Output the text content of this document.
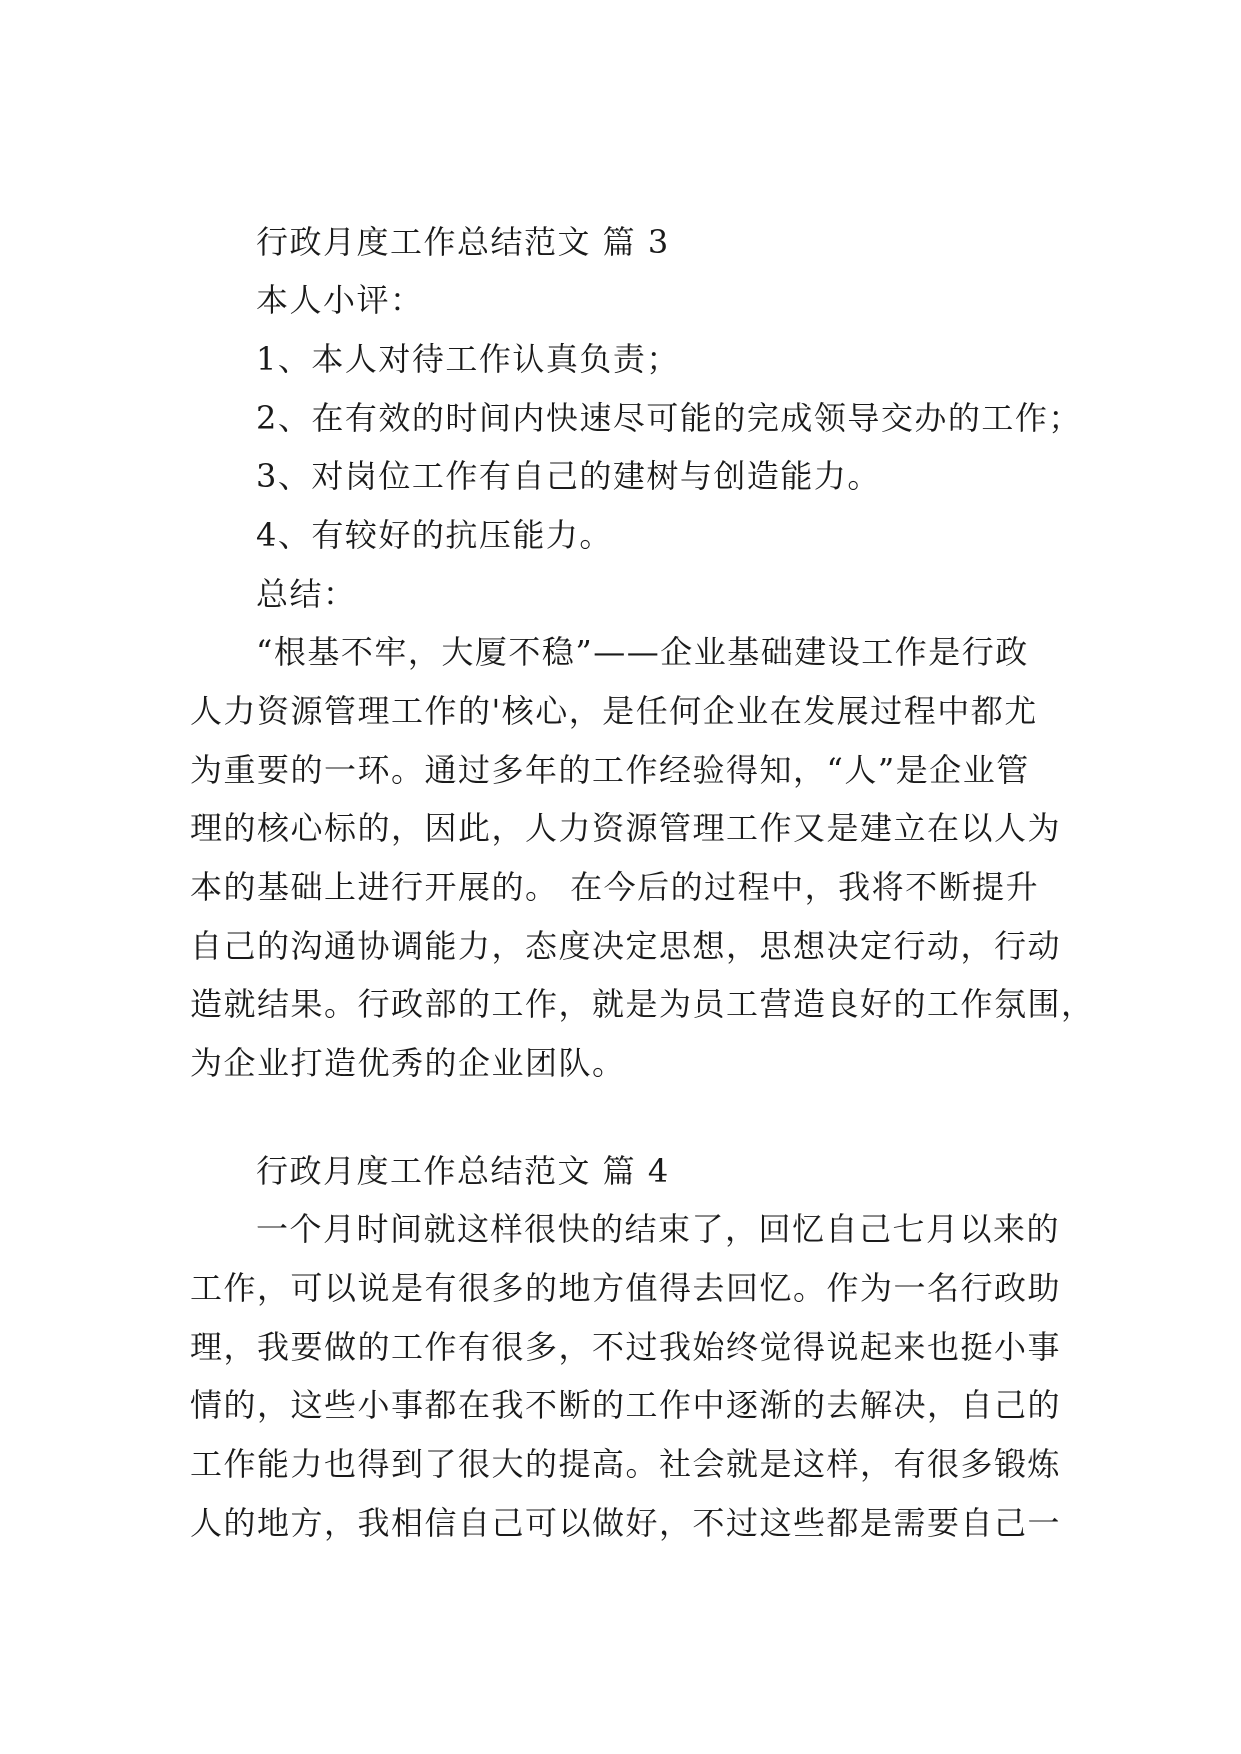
行政月度工作总结范文 篇 3
本人小评：
1、本人对待工作认真负责；
2、在有效的时间内快速尽可能的完成领导交办的工作；
3、对岗位工作有自己的建树与创造能力。
4、有较好的抗压能力。
总结：
“根基不牢，大厦不稳”——企业基础建设工作是行政
人力资源管理工作的'核心，是任何企业在发展过程中都尤
为重要的一环。通过多年的工作经验得知，“人”是企业管
理的核心标的，因此，人力资源管理工作又是建立在以人为
本的基础上进行开展的。 在今后的过程中，我将不断提升
自己的沟通协调能力，态度决定思想，思想决定行动，行动
造就结果。行政部的工作，就是为员工营造良好的工作氛围，
为企业打造优秀的企业团队。
行政月度工作总结范文 篇 4
一个月时间就这样很快的结束了，回忆自己七月以来的
工作，可以说是有很多的地方值得去回忆。作为一名行政助
理，我要做的工作有很多，不过我始终觉得说起来也挺小事
情的，这些小事都在我不断的工作中逐渐的去解决，自己的
工作能力也得到了很大的提高。社会就是这样，有很多锻炼
人的地方，我相信自己可以做好，不过这些都是需要自己一
